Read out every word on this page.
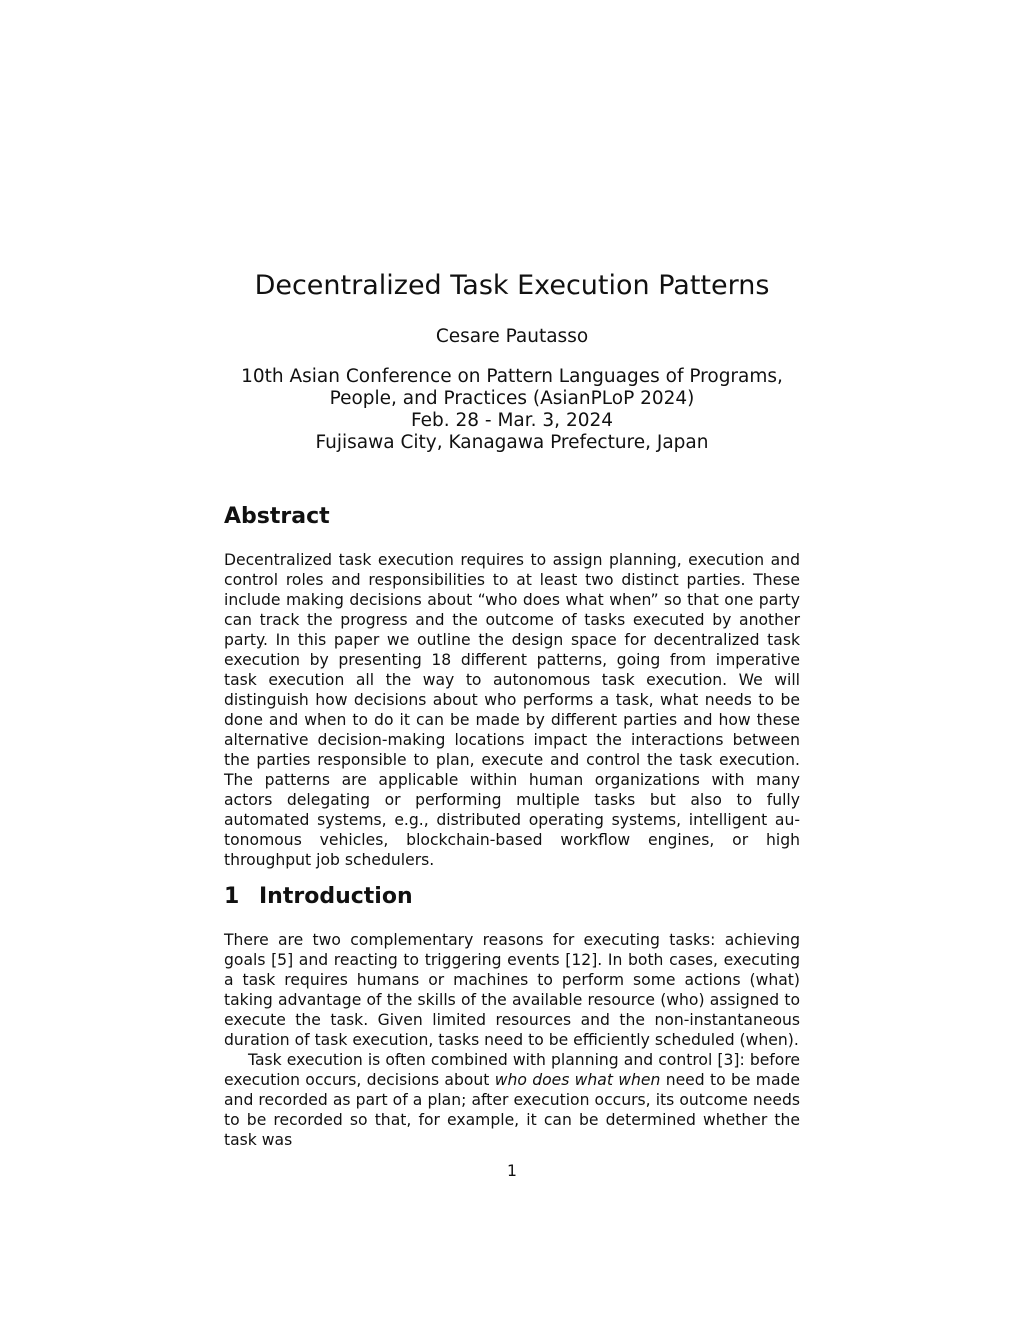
Decentralized Task Execution Patterns
Cesare Pautasso
10th Asian Conference on Pattern Languages of Programs,
People, and Practices (AsianPLoP 2024)
Feb. 28 - Mar. 3, 2024
Fujisawa City, Kanagawa Prefecture, Japan
Abstract

Decentralized task execution requires to assign planning, execution and control roles and responsibilities to at least two distinct parties. These include making decisions about “who does what when” so that one party can track the progress and the outcome of tasks executed by another party. In this paper we outline the design space for decentralized task execution by presenting 18 different patterns, going from imperative task execution all the way to autonomous task execution. We will distinguish how decisions about who performs a task, what needs to be done and when to do it can be made by different parties and how these alternative decision-making locations impact the interactions between the parties responsible to plan, execute and control the task execution. The patterns are applicable within human organizations with many actors delegating or performing multiple tasks but also to fully automated systems, e.g., distributed operating systems, intelligent autonomous vehicles, blockchain-based workflow engines, or high throughput job schedulers.

1 Introduction

There are two complementary reasons for executing tasks: achieving goals [5] and reacting to triggering events [12]. In both cases, executing a task requires humans or machines to perform some actions (what) taking advantage of the skills of the available resource (who) assigned to execute the task. Given limited resources and the non-instantaneous duration of task execution, tasks need to be efficiently scheduled (when).

Task execution is often combined with planning and control [3]: before execution occurs, decisions about who does what when need to be made and recorded as part of a plan; after execution occurs, its outcome needs to be recorded so that, for example, it can be determined whether the task was

1
